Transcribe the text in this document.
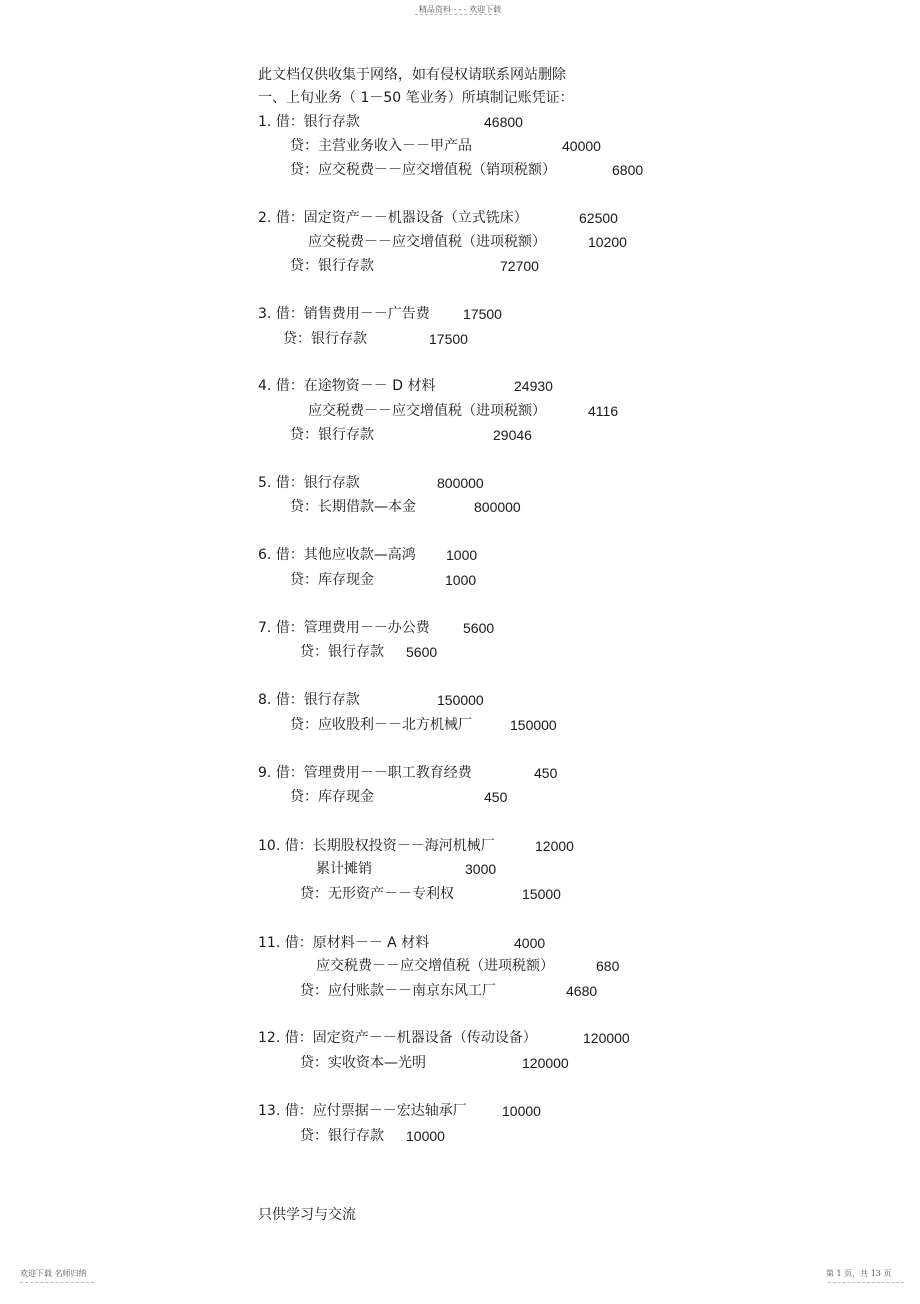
精品资料 - - - 欢迎下载
此文档仅供收集于网络，如有侵权请联系网站删除
一、上旬业务（ 1－50 笔业务）所填制记账凭证：
1. 借：银行存款	46800
贷：主营业务收入－－甲产品	40000
贷：应交税费－－应交增值税（销项税额）	6800
2. 借：固定资产－－机器设备（立式铣床）	62500
应交税费－－应交增值税（进项税额）	10200
贷：银行存款	72700
3. 借：销售费用－－广告费 17500
贷：银行存款	17500
4. 借：在途物资－－ D 材料	24930
应交税费－－应交增值税（进项税额）	4116
贷：银行存款	29046
5. 借：银行存款	800000
贷：长期借款—本金	800000
6. 借：其他应收款—高鸿 1000
贷：库存现金	1000
7. 借：管理费用－－办公费 5600
贷：银行存款 5600
8. 借：银行存款	150000
贷：应收股利－－北方机械厂	150000
9. 借：管理费用－－职工教育经费	450
贷：库存现金	450
10. 借：长期股权投资－－海河机械厂	12000
累计摊销	3000
贷：无形资产－－专利权	15000
11. 借：原材料－－ A 材料	4000
应交税费－－应交增值税（进项税额）	680
贷：应付账款－－南京东风工厂	4680
12. 借：固定资产－－机器设备（传动设备）	120000
贷：实收资本—光明	120000
13. 借：应付票据－－宏达轴承厂	10000
贷：银行存款 10000
只供学习与交流
欢迎下载 名师归纳	第 1 页，共 13 页
